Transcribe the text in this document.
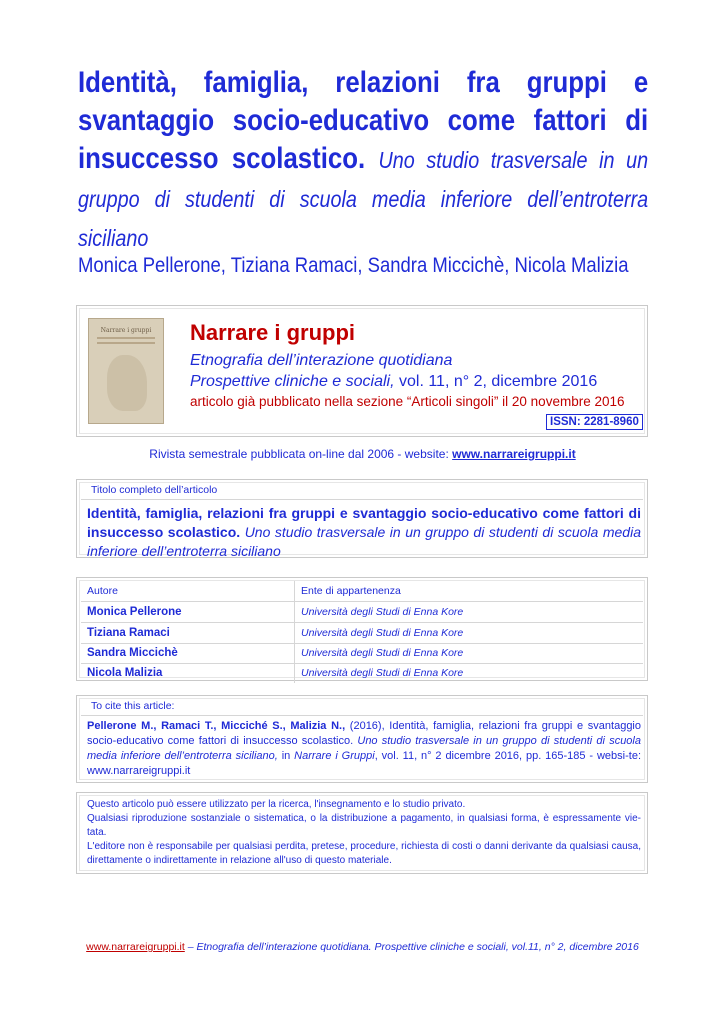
Identità, famiglia, relazioni fra gruppi e svantaggio socio-educativo come fattori di insuccesso scolastico. Uno studio trasversale in un gruppo di studenti di scuola media inferiore dell’entroterra siciliano
Monica Pellerone, Tiziana Ramaci, Sandra Miccichè, Nicola Malizia
Narrare i gruppi	Narrare i gruppi
Etnografia dell’interazione quotidiana
Prospettive cliniche e sociali, vol. 11, n° 2, dicembre 2016
articolo già pubblicato nella sezione “Articoli singoli” il 20 novembre 2016
ISSN: 2281-8960
Rivista semestrale pubblicata on-line dal 2006 - website: www.narrareigruppi.it
Titolo completo dell’articolo
Identità, famiglia, relazioni fra gruppi e svantaggio socio-educativo come fattori di insuccesso scolastico. Uno studio trasversale in un gruppo di studenti di scuola media inferiore dell’entroterra siciliano
Autore	Ente di appartenenza
Monica Pellerone	Università degli Studi di Enna Kore
Tiziana Ramaci	Università degli Studi di Enna Kore
Sandra Miccichè	Università degli Studi di Enna Kore
Nicola Malizia	Università degli Studi di Enna Kore
To cite this article:
Pellerone M., Ramaci T., Micciché S., Malizia N., (2016), Identità, famiglia, relazioni fra gruppi e svantaggio socio-educativo come fattori di insuccesso scolastico. Uno studio trasversale in un gruppo di studenti di scuola media inferiore dell’entroterra siciliano, in Narrare i Gruppi, vol. 11, n° 2 dicembre 2016, pp. 165-185 - websi-te: www.narrareigruppi.it
Questo articolo può essere utilizzato per la ricerca, l'insegnamento e lo studio privato.
Qualsiasi riproduzione sostanziale o sistematica, o la distribuzione a pagamento, in qualsiasi forma, è espressamente vie-tata.
L'editore non è responsabile per qualsiasi perdita, pretese, procedure, richiesta di costi o danni derivante da qualsiasi causa, direttamente o indirettamente in relazione all'uso di questo materiale.
www.narrareigruppi.it – Etnografia dell’interazione quotidiana. Prospettive cliniche e sociali, vol.11, n° 2, dicembre 2016
